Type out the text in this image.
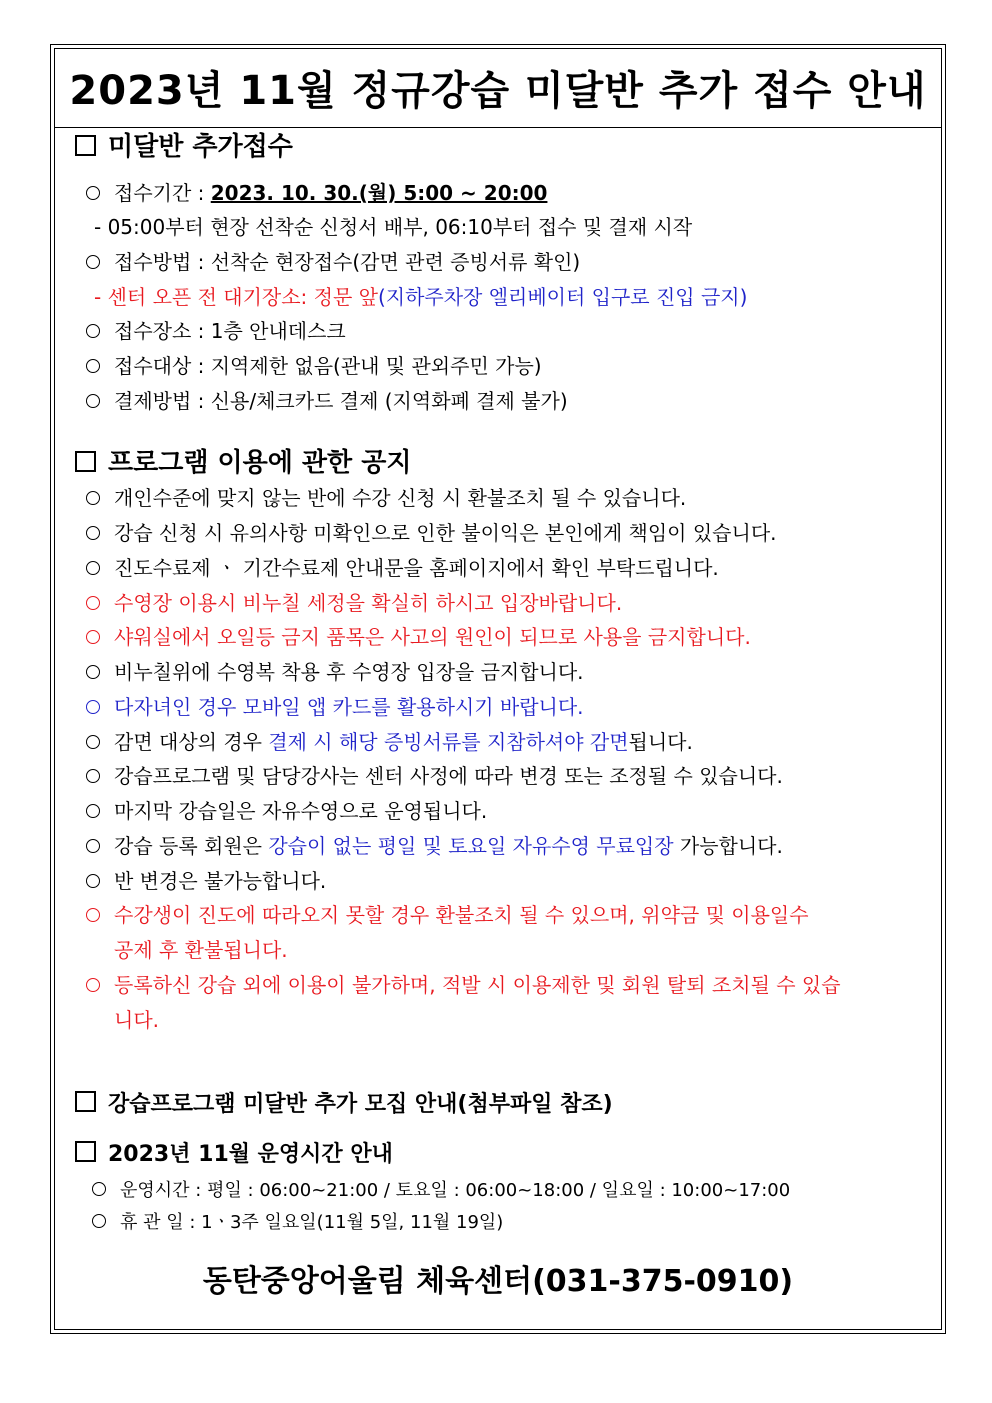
2023년 11월 정규강습 미달반 추가 접수 안내
미달반 추가접수
접수기간 : 2023. 10. 30.(월) 5:00 ~ 20:00
- 05:00부터 현장 선착순 신청서 배부, 06:10부터 접수 및 결재 시작
접수방법 : 선착순 현장접수(감면 관련 증빙서류 확인)
- 센터 오픈 전 대기장소: 정문 앞(지하주차장 엘리베이터 입구로 진입 금지)
접수장소 : 1층 안내데스크
접수대상 : 지역제한 없음(관내 및 관외주민 가능)
결제방법 : 신용/체크카드 결제 (지역화폐 결제 불가)
프로그램 이용에 관한 공지
개인수준에 맞지 않는 반에 수강 신청 시 환불조치 될 수 있습니다.
강습 신청 시 유의사항 미확인으로 인한 불이익은 본인에게 책임이 있습니다.
진도수료제 ㆍ 기간수료제 안내문을 홈페이지에서 확인 부탁드립니다.
수영장 이용시 비누칠 세정을 확실히 하시고 입장바랍니다.
샤워실에서 오일등 금지 품목은 사고의 원인이 되므로 사용을 금지합니다.
비누칠위에 수영복 착용 후 수영장 입장을 금지합니다.
다자녀인 경우 모바일 앱 카드를 활용하시기 바랍니다.
감면 대상의 경우 결제 시 해당 증빙서류를 지참하셔야 감면됩니다.
강습프로그램 및 담당강사는 센터 사정에 따라 변경 또는 조정될 수 있습니다.
마지막 강습일은 자유수영으로 운영됩니다.
강습 등록 회원은 강습이 없는 평일 및 토요일 자유수영 무료입장 가능합니다.
반 변경은 불가능합니다.
수강생이 진도에 따라오지 못할 경우 환불조치 될 수 있으며, 위약금 및 이용일수
공제 후 환불됩니다.
등록하신 강습 외에 이용이 불가하며, 적발 시 이용제한 및 회원 탈퇴 조치될 수 있습
니다.
강습프로그램 미달반 추가 모집 안내(첨부파일 참조)
2023년 11월 운영시간 안내
운영시간 : 평일 : 06:00~21:00 / 토요일 : 06:00~18:00 / 일요일 : 10:00~17:00
휴 관 일 : 1ㆍ3주 일요일(11월 5일, 11월 19일)
동탄중앙어울림 체육센터(031-375-0910)
